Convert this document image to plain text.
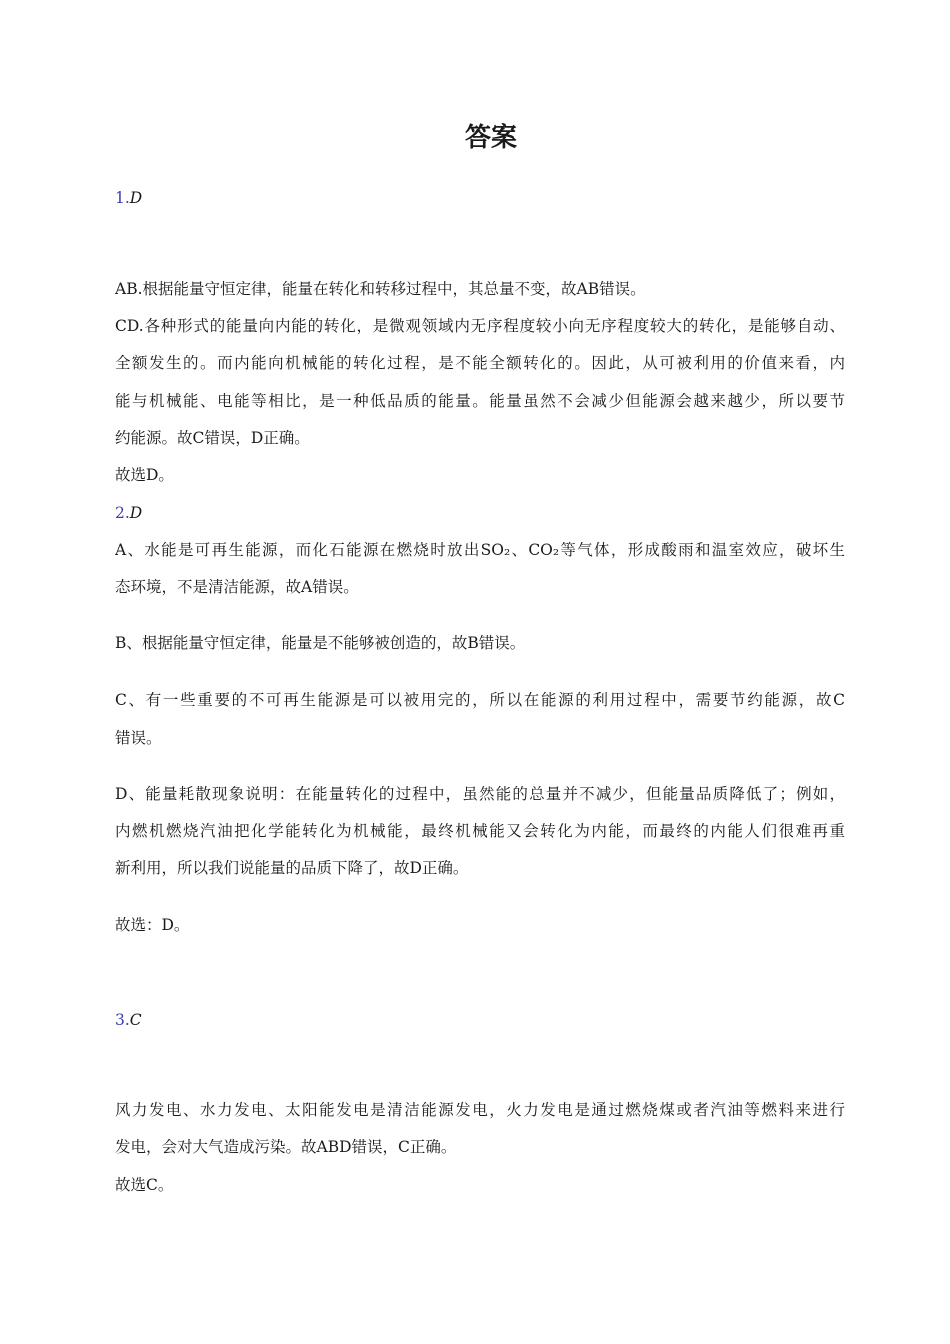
答案
1.D
AB.根据能量守恒定律，能量在转化和转移过程中，其总量不变，故AB错误。
CD.各种形式的能量向内能的转化，是微观领域内无序程度较小向无序程度较大的转化，是能够自动、
全额发生的。而内能向机械能的转化过程，是不能全额转化的。因此，从可被利用的价值来看，内
能与机械能、电能等相比，是一种低品质的能量。能量虽然不会减少但能源会越来越少，所以要节
约能源。故C错误，D正确。
故选D。
2.D
A、水能是可再生能源，而化石能源在燃烧时放出SO₂、CO₂等气体，形成酸雨和温室效应，破坏生
态环境，不是清洁能源，故A错误。
B、根据能量守恒定律，能量是不能够被创造的，故B错误。
C、有一些重要的不可再生能源是可以被用完的，所以在能源的利用过程中，需要节约能源，故C
错误。
D、能量耗散现象说明：在能量转化的过程中，虽然能的总量并不减少，但能量品质降低了；例如，
内燃机燃烧汽油把化学能转化为机械能，最终机械能又会转化为内能，而最终的内能人们很难再重
新利用，所以我们说能量的品质下降了，故D正确。
故选：D。
3.C
风力发电、水力发电、太阳能发电是清洁能源发电，火力发电是通过燃烧煤或者汽油等燃料来进行
发电，会对大气造成污染。故ABD错误，C正确。
故选C。
